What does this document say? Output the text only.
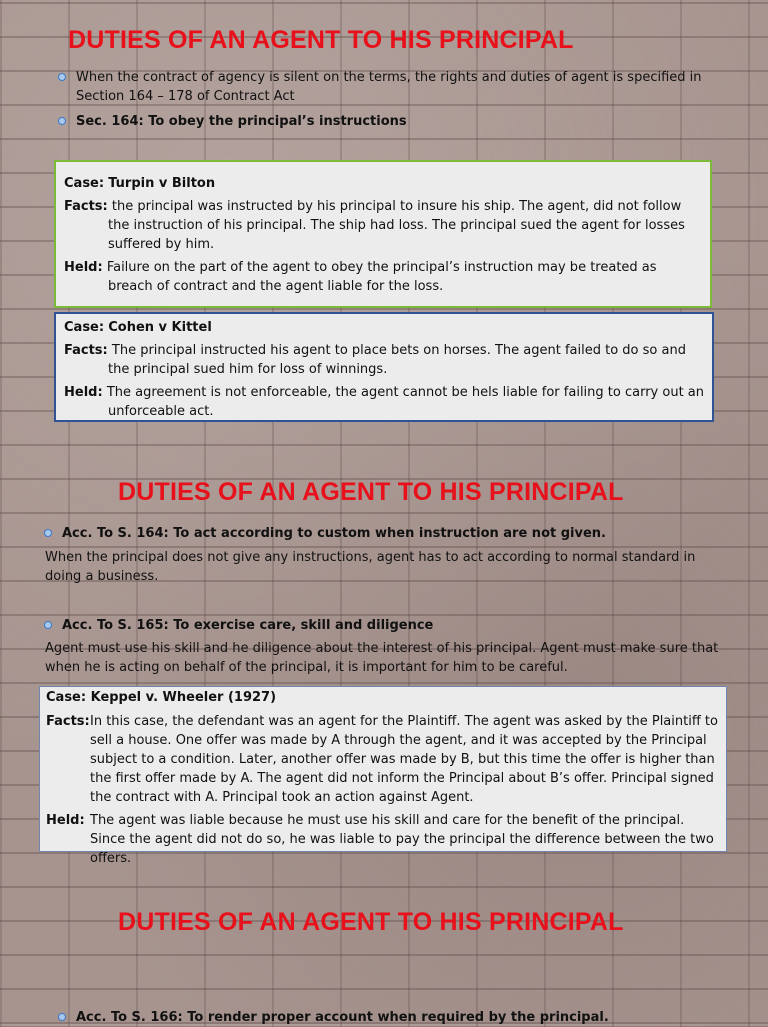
DUTIES OF AN AGENT TO HIS PRINCIPAL
When the contract of agency is silent on the terms, the rights and duties of agent is specified in Section 164 – 178 of Contract Act
Sec. 164: To obey the principal’s instructions
Case: Turpin v Bilton
Facts: the principal was instructed by his principal to insure his ship. The agent, did not follow the instruction of his principal. The ship had loss. The principal sued the agent for losses suffered by him.
Held: Failure on the part of the agent to obey the principal’s instruction may be treated as breach of contract and the agent liable for the loss.
Case: Cohen v Kittel
Facts: The principal instructed his agent to place bets on horses. The agent failed to do so and the principal sued him for loss of winnings.
Held: The agreement is not enforceable, the agent cannot be hels liable for failing to carry out an unforceable act.
DUTIES OF AN AGENT TO HIS PRINCIPAL
Acc. To S. 164: To act according to custom when instruction are not given.
When the principal does not give any instructions, agent has to act according to normal standard in doing a business.
Acc. To S. 165: To exercise care, skill and diligence
Agent must use his skill and he diligence about the interest of his principal. Agent must make sure that when he is acting on behalf of the principal, it is important for him to be careful.
Case: Keppel v. Wheeler (1927)
Facts: In this case, the defendant was an agent for the Plaintiff. The agent was asked by the Plaintiff to sell a house. One offer was made by A through the agent, and it was accepted by the Principal subject to a condition. Later, another offer was made by B, but this time the offer is higher than the first offer made by A. The agent did not inform the Principal about B’s offer. Principal signed the contract with A. Principal took an action against Agent.
Held: The agent was liable because he must use his skill and care for the benefit of the principal. Since the agent did not do so, he was liable to pay the principal the difference between the two offers.
DUTIES OF AN AGENT TO HIS PRINCIPAL
Acc. To S. 166: To render proper account when required by the principal.
